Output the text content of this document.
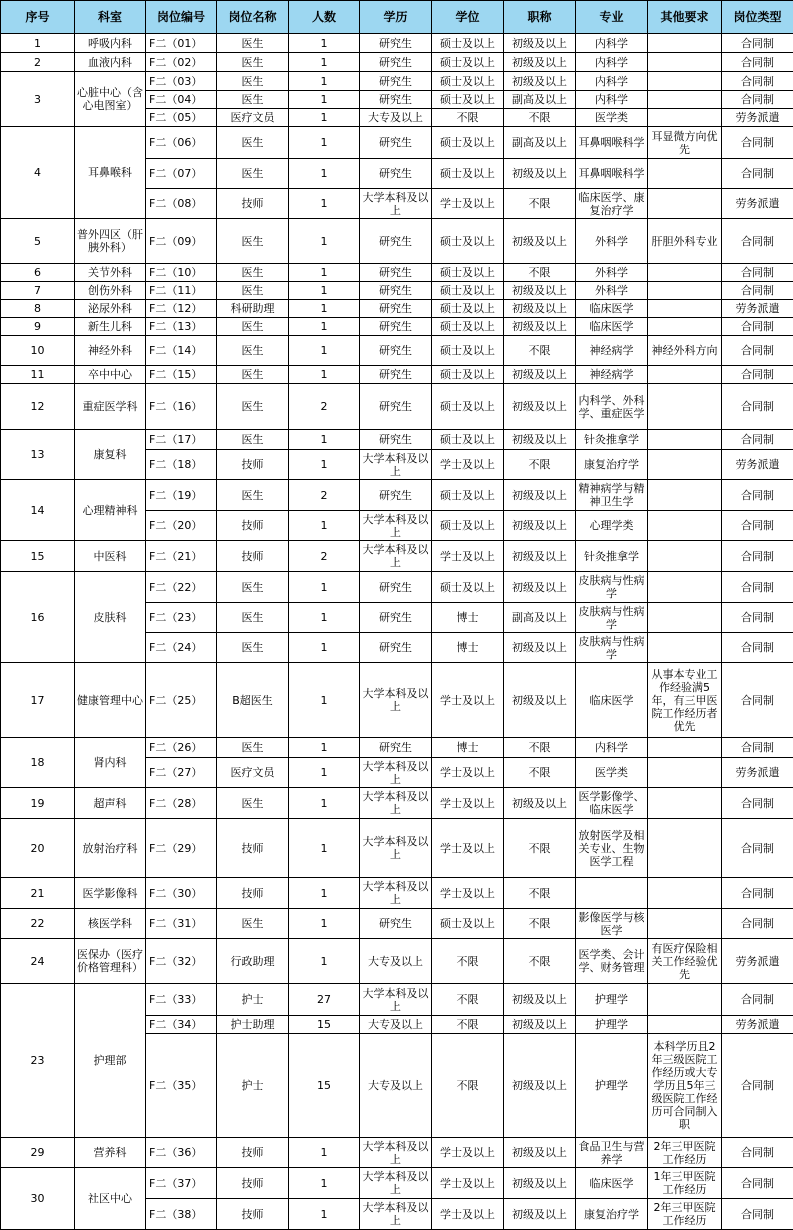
序号	科室	岗位编号	岗位名称	人数	学历	学位	职称	专业	其他要求	岗位类型
1	呼吸内科	F二（01）	医生	1	研究生	硕士及以上	初级及以上	内科学		合同制
2	血液内科	F二（02）	医生	1	研究生	硕士及以上	初级及以上	内科学		合同制
3	心脏中心（含心电图室）	F二（03）	医生	1	研究生	硕士及以上	初级及以上	内科学		合同制
		F二（04）	医生	1	研究生	硕士及以上	副高及以上	内科学		合同制
		F二（05）	医疗文员	1	大专及以上	不限	不限	医学类		劳务派遣
4	耳鼻喉科	F二（06）	医生	1	研究生	硕士及以上	副高及以上	耳鼻咽喉科学	耳显微方向优先	合同制
		F二（07）	医生	1	研究生	硕士及以上	初级及以上	耳鼻咽喉科学		合同制
		F二（08）	技师	1	大学本科及以上	学士及以上	不限	临床医学、康复治疗学		劳务派遣
5	普外四区（肝胰外科）	F二（09）	医生	1	研究生	硕士及以上	初级及以上	外科学	肝胆外科专业	合同制
6	关节外科	F二（10）	医生	1	研究生	硕士及以上	不限	外科学		合同制
7	创伤外科	F二（11）	医生	1	研究生	硕士及以上	初级及以上	外科学		合同制
8	泌尿外科	F二（12）	科研助理	1	研究生	硕士及以上	初级及以上	临床医学		劳务派遣
9	新生儿科	F二（13）	医生	1	研究生	硕士及以上	初级及以上	临床医学		合同制
10	神经外科	F二（14）	医生	1	研究生	硕士及以上	不限	神经病学	神经外科方向	合同制
11	卒中中心	F二（15）	医生	1	研究生	硕士及以上	初级及以上	神经病学		合同制
12	重症医学科	F二（16）	医生	2	研究生	硕士及以上	初级及以上	内科学、外科学、重症医学		合同制
13	康复科	F二（17）	医生	1	研究生	硕士及以上	初级及以上	针灸推拿学		合同制
		F二（18）	技师	1	大学本科及以上	学士及以上	不限	康复治疗学		劳务派遣
14	心理精神科	F二（19）	医生	2	研究生	硕士及以上	初级及以上	精神病学与精神卫生学		合同制
		F二（20）	技师	1	大学本科及以上	硕士及以上	初级及以上	心理学类		合同制
15	中医科	F二（21）	技师	2	大学本科及以上	学士及以上	初级及以上	针灸推拿学		合同制
16	皮肤科	F二（22）	医生	1	研究生	硕士及以上	初级及以上	皮肤病与性病学		合同制
		F二（23）	医生	1	研究生	博士	副高及以上	皮肤病与性病学		合同制
		F二（24）	医生	1	研究生	博士	初级及以上	皮肤病与性病学		合同制
17	健康管理中心	F二（25）	B超医生	1	大学本科及以上	学士及以上	初级及以上	临床医学	从事本专业工作经验满5年，有三甲医院工作经历者优先	合同制
18	肾内科	F二（26）	医生	1	研究生	博士	不限	内科学		合同制
		F二（27）	医疗文员	1	大学本科及以上	学士及以上	不限	医学类		劳务派遣
19	超声科	F二（28）	医生	1	大学本科及以上	学士及以上	初级及以上	医学影像学、临床医学		合同制
20	放射治疗科	F二（29）	技师	1	大学本科及以上	学士及以上	不限	放射医学及相关专业、生物医学工程		合同制
21	医学影像科	F二（30）	技师	1	大学本科及以上	学士及以上	不限			合同制
22	核医学科	F二（31）	医生	1	研究生	硕士及以上	不限	影像医学与核医学		合同制
24	医保办（医疗价格管理科）	F二（32）	行政助理	1	大专及以上	不限	不限	医学类、会计学、财务管理	有医疗保险相关工作经验优先	劳务派遣
23	护理部	F二（33）	护士	27	大学本科及以上	不限	初级及以上	护理学		合同制
		F二（34）	护士助理	15	大专及以上	不限	初级及以上	护理学		劳务派遣
		F二（35）	护士	15	大专及以上	不限	初级及以上	护理学	本科学历且2年三级医院工作经历或大专学历且5年三级医院工作经历可合同制入职	合同制
29	营养科	F二（36）	技师	1	大学本科及以上	学士及以上	初级及以上	食品卫生与营养学	2年三甲医院工作经历	合同制
30	社区中心	F二（37）	技师	1	大学本科及以上	学士及以上	初级及以上	临床医学	1年三甲医院工作经历	合同制
		F二（38）	技师	1	大学本科及以上	学士及以上	初级及以上	康复治疗学	2年三甲医院工作经历	合同制
